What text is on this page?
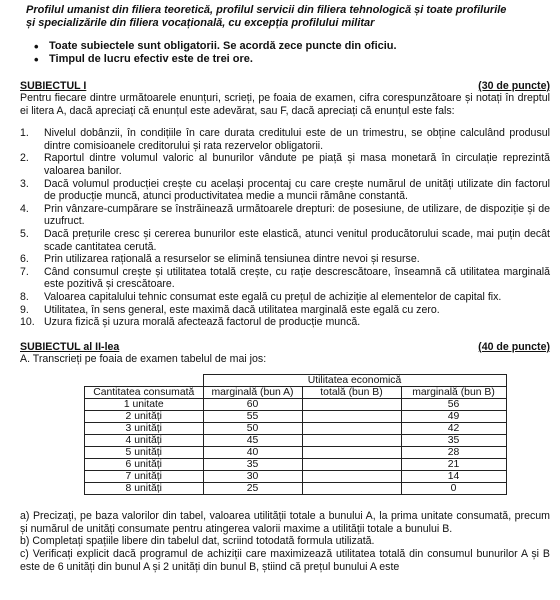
Profilul umanist din filiera teoretică, profilul servicii din filiera tehnologică și toate profilurile
și specializările din filiera vocațională, cu excepția profilului militar
• Toate subiectele sunt obligatorii. Se acordă zece puncte din oficiu.
• Timpul de lucru efectiv este de trei ore.
SUBIECTUL I	(30 de puncte)
Pentru fiecare dintre următoarele enunțuri, scrieți, pe foaia de examen, cifra corespunzătoare și notați în dreptul ei litera A, dacă apreciați că enunțul este adevărat, sau F, dacă apreciați că enunțul este fals:
1.	Nivelul dobânzii, în condițiile în care durata creditului este de un trimestru, se obține calculând produsul dintre comisioanele creditorului și rata rezervelor obligatorii.
2.	Raportul dintre volumul valoric al bunurilor vândute pe piață și masa monetară în circulație reprezintă valoarea banilor.
3.	Dacă volumul producției crește cu același procentaj cu care crește numărul de unități utilizate din factorul de producție muncă, atunci productivitatea medie a muncii rămâne constantă.
4.	Prin vânzare-cumpărare se înstrăinează următoarele drepturi: de posesiune, de utilizare, de dispoziție și de uzufruct.
5.	Dacă prețurile cresc și cererea bunurilor este elastică, atunci venitul producătorului scade, mai puțin decât scade cantitatea cerută.
6.	Prin utilizarea rațională a resurselor se elimină tensiunea dintre nevoi și resurse.
7.	Când consumul crește și utilitatea totală crește, cu rație descrescătoare, înseamnă că utilitatea marginală este pozitivă și crescătoare.
8.	Valoarea capitalului tehnic consumat este egală cu prețul de achiziție al elementelor de capital fix.
9.	Utilitatea, în sens general, este maximă dacă utilitatea marginală este egală cu zero.
10. Uzura fizică și uzura morală afectează factorul de producție muncă.
SUBIECTUL al II-lea	(40 de puncte)
A. Transcrieți pe foaia de examen tabelul de mai jos:
	Utilitatea economică		
Cantitatea consumată	marginală (bun A)	totală (bun B)	marginală (bun B)
1 unitate	60		56
2 unități	55		49
3 unități	50		42
4 unități	45		35
5 unități	40		28
6 unități	35		21
7 unități	30		14
8 unități	25		0
a) Precizați, pe baza valorilor din tabel, valoarea utilității totale a bunului A, la prima unitate consumată, precum și numărul de unități consumate pentru atingerea valorii maxime a utilității totale a bunului B.
b) Completați spațiile libere din tabelul dat, scriind totodată formula utilizată.
c) Verificați explicit dacă programul de achiziții care maximizează utilitatea totală din consumul bunurilor A și B este de 6 unități din bunul A și 2 unități din bunul B, știind că prețul bunului A este
